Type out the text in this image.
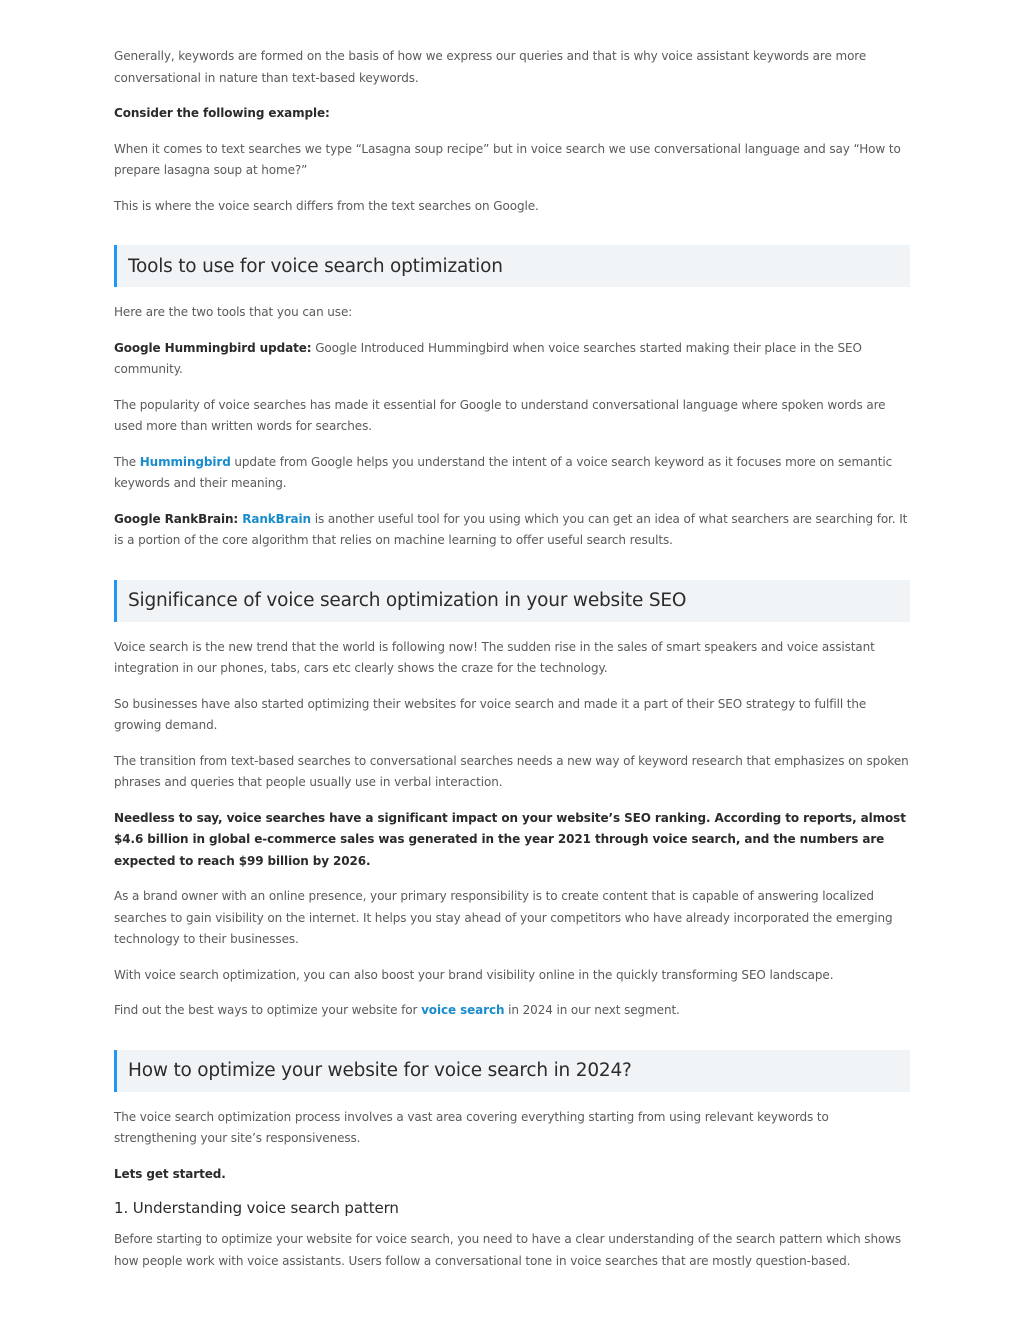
Generally, keywords are formed on the basis of how we express our queries and that is why voice assistant keywords are more conversational in nature than text-based keywords.

Consider the following example:

When it comes to text searches we type “Lasagna soup recipe” but in voice search we use conversational language and say “How to prepare lasagna soup at home?”

This is where the voice search differs from the text searches on Google.

Tools to use for voice search optimization

Here are the two tools that you can use:

Google Hummingbird update: Google Introduced Hummingbird when voice searches started making their place in the SEO community.

The popularity of voice searches has made it essential for Google to understand conversational language where spoken words are used more than written words for searches.

The Hummingbird update from Google helps you understand the intent of a voice search keyword as it focuses more on semantic keywords and their meaning.

Google RankBrain: RankBrain is another useful tool for you using which you can get an idea of what searchers are searching for. It is a portion of the core algorithm that relies on machine learning to offer useful search results.

Significance of voice search optimization in your website SEO

Voice search is the new trend that the world is following now! The sudden rise in the sales of smart speakers and voice assistant integration in our phones, tabs, cars etc clearly shows the craze for the technology.

So businesses have also started optimizing their websites for voice search and made it a part of their SEO strategy to fulfill the growing demand.

The transition from text-based searches to conversational searches needs a new way of keyword research that emphasizes on spoken phrases and queries that people usually use in verbal interaction.

Needless to say, voice searches have a significant impact on your website’s SEO ranking. According to reports, almost $4.6 billion in global e-commerce sales was generated in the year 2021 through voice search, and the numbers are expected to reach $99 billion by 2026.

As a brand owner with an online presence, your primary responsibility is to create content that is capable of answering localized searches to gain visibility on the internet. It helps you stay ahead of your competitors who have already incorporated the emerging technology to their businesses.

With voice search optimization, you can also boost your brand visibility online in the quickly transforming SEO landscape.

Find out the best ways to optimize your website for voice search in 2024 in our next segment.

How to optimize your website for voice search in 2024?

The voice search optimization process involves a vast area covering everything starting from using relevant keywords to strengthening your site’s responsiveness.

Lets get started.

1. Understanding voice search pattern

Before starting to optimize your website for voice search, you need to have a clear understanding of the search pattern which shows how people work with voice assistants. Users follow a conversational tone in voice searches that are mostly question-based.
